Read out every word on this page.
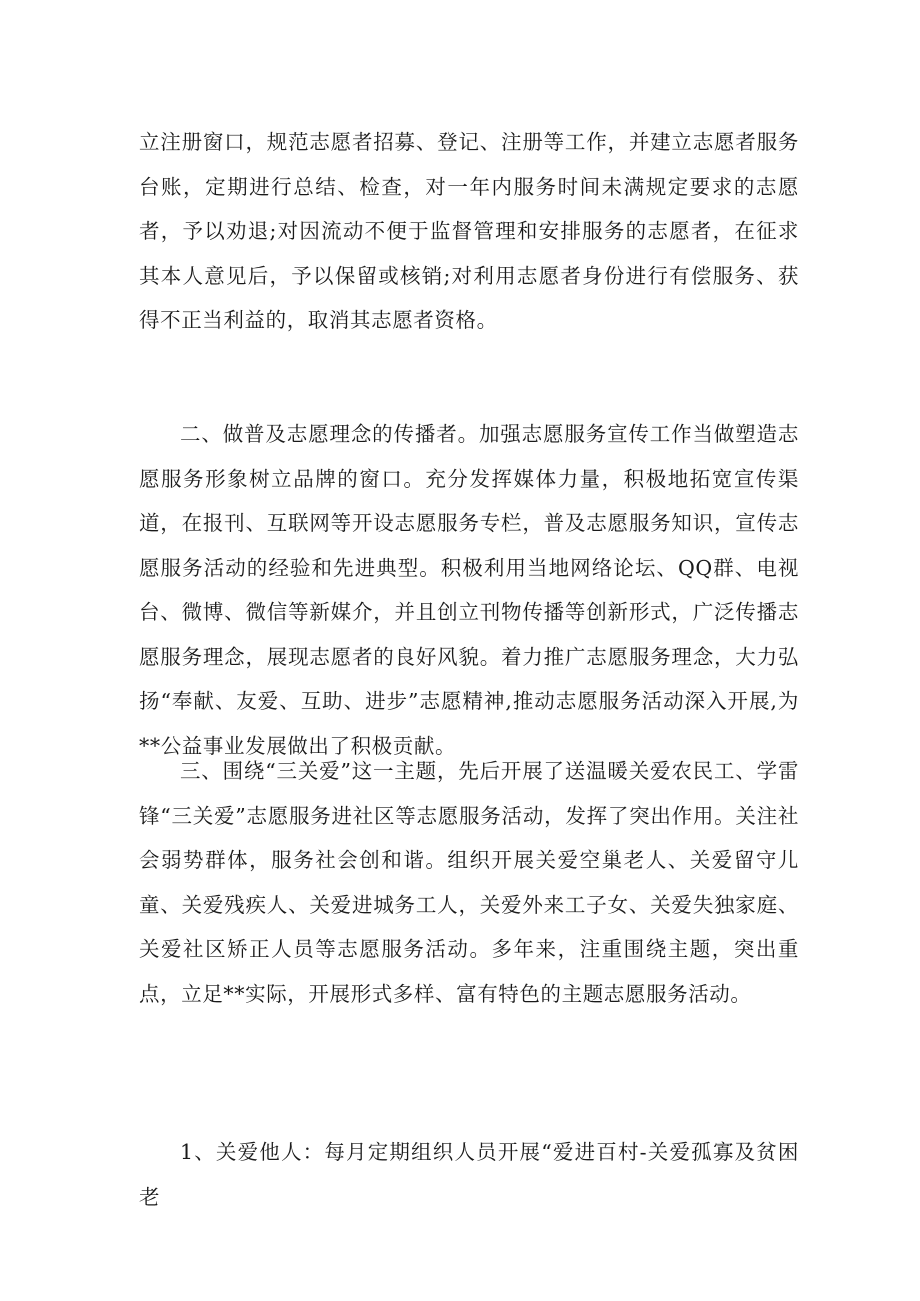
立注册窗口，规范志愿者招募、登记、注册等工作，并建立志愿者服务台账，定期进行总结、检查，对一年内服务时间未满规定要求的志愿者，予以劝退;对因流动不便于监督管理和安排服务的志愿者，在征求其本人意见后，予以保留或核销;对利用志愿者身份进行有偿服务、获得不正当利益的，取消其志愿者资格。

二、做普及志愿理念的传播者。加强志愿服务宣传工作当做塑造志愿服务形象树立品牌的窗口。充分发挥媒体力量，积极地拓宽宣传渠道，在报刊、互联网等开设志愿服务专栏，普及志愿服务知识，宣传志愿服务活动的经验和先进典型。积极利用当地网络论坛、QQ群、电视台、微博、微信等新媒介，并且创立刊物传播等创新形式，广泛传播志愿服务理念，展现志愿者的良好风貌。着力推广志愿服务理念，大力弘扬“奉献、友爱、互助、进步”志愿精神,推动志愿服务活动深入开展,为**公益事业发展做出了积极贡献。

三、围绕“三关爱”这一主题，先后开展了送温暖关爱农民工、学雷锋“三关爱”志愿服务进社区等志愿服务活动，发挥了突出作用。关注社会弱势群体，服务社会创和谐。组织开展关爱空巢老人、关爱留守儿童、关爱残疾人、关爱进城务工人，关爱外来工子女、关爱失独家庭、关爱社区矫正人员等志愿服务活动。多年来，注重围绕主题，突出重点，立足**实际，开展形式多样、富有特色的主题志愿服务活动。

1、关爱他人：每月定期组织人员开展“爱进百村-关爱孤寡及贫困老
